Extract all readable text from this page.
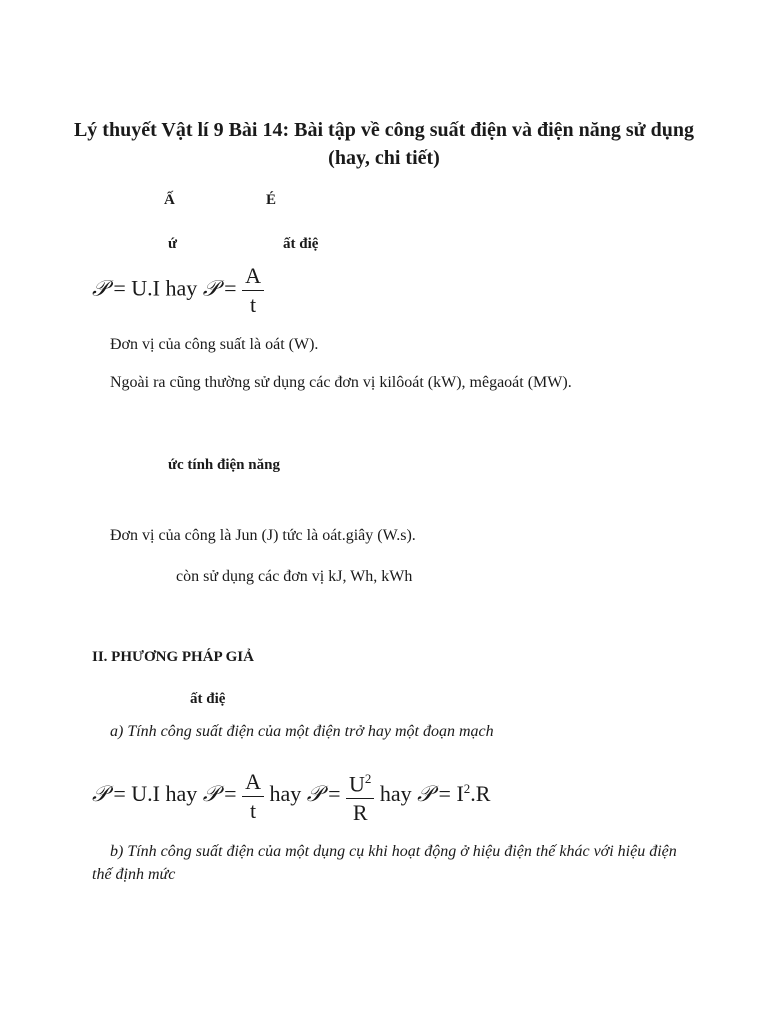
Lý thuyết Vật lí 9 Bài 14: Bài tập về công suất điện và điện năng sử dụng (hay, chi tiết)
Ấ	É
ứ	ất điệ
𝒫 = U.I hay 𝒫 = $\frac{A}{t}$
Đơn vị của công suất là oát (W).
Ngoài ra cũng thường sử dụng các đơn vị kilôoát (kW), mêgaoát (MW).
ức tính điện năng
Đơn vị của công là Jun (J) tức là oát.giây (W.s).
còn sử dụng các đơn vị kJ, Wh, kWh
II. PHƯƠNG PHÁP GIẢ
ất điệ
a) Tính công suất điện của một điện trở hay một đoạn mạch
𝒫 = U.I hay 𝒫 = $\frac{A}{t}$ hay 𝒫 = $\frac{U^2}{R}$ hay 𝒫 = $I^2.R$
b) Tính công suất điện của một dụng cụ khi hoạt động ở hiệu điện thế khác với hiệu điện thế định mức
